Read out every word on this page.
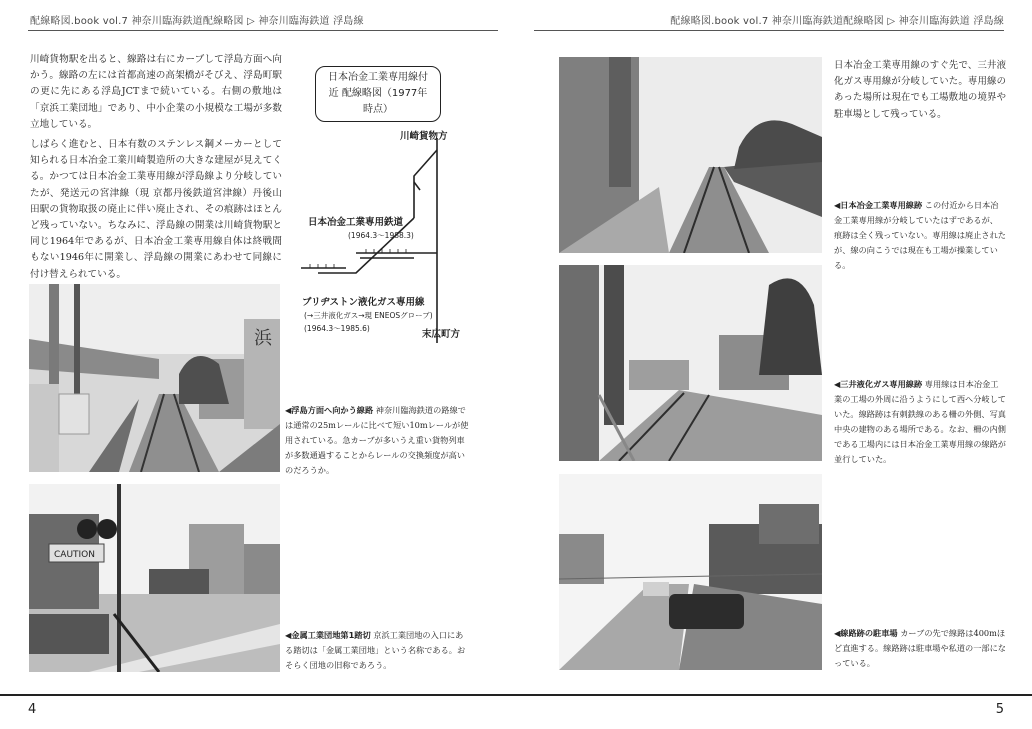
配線略図.book vol.7 神奈川臨海鉄道配線略図 ▷ 神奈川臨海鉄道 浮島線	配線略図.book vol.7 神奈川臨海鉄道配線略図 ▷ 神奈川臨海鉄道 浮島線

川崎貨物駅を出ると、線路は右にカーブして浮島方面へ向かう。線路の左には首都高速の高架橋がそびえ、浮島町駅の更に先にある浮島JCTまで続いている。右側の敷地は「京浜工業団地」であり、中小企業の小規模な工場が多数立地している。

しばらく進むと、日本有数のステンレス鋼メーカーとして知られる日本冶金工業川崎製造所の大きな建屋が見えてくる。かつては日本冶金工業専用線が浮島線より分岐していたが、発送元の宮津線（現 京都丹後鉄道宮津線）丹後山田駅の貨物取扱の廃止に伴い廃止され、その痕跡はほとんど残っていない。ちなみに、浮島線の開業は川崎貨物駅と同じ1964年であるが、日本冶金工業専用線自体は終戦間もない1946年に開業し、浮島線の開業にあわせて同線に付け替えられている。

日本冶金工業専用線付近 配線略図（1977年時点）
川崎貨物方
日本冶金工業専用鉄道
(1964.3～1988.3)
ブリヂストン液化ガス専用線
(→三井液化ガス→現 ENEOSグローブ)
(1964.3～1985.6)
末広町方
浜
◀浮島方面へ向かう線路 神奈川臨海鉄道の路線では通常の25mレールに比べて短い10mレールが使用されている。急カーブが多いうえ重い貨物列車が多数通過することからレールの交換頻度が高いのだろうか。
CAUTION
◀金属工業団地第1踏切 京浜工業団地の入口にある踏切は「金属工業団地」という名称である。おそらく団地の旧称であろう。
日本冶金工業専用線のすぐ先で、三井液化ガス専用線が分岐していた。専用線のあった場所は現在でも工場敷地の境界や駐車場として残っている。
◀日本冶金工業専用線跡 この付近から日本冶金工業専用線が分岐していたはずであるが、痕跡は全く残っていない。専用線は廃止されたが、線の向こうでは現在も工場が操業している。
◀三井液化ガス専用線跡 専用線は日本冶金工業の工場の外周に沿うようにして西へ分岐していた。線路跡は有刺鉄線のある柵の外側、写真中央の建物のある場所である。なお、柵の内側である工場内には日本冶金工業専用線の線路が並行していた。
◀線路跡の駐車場 カーブの先で線路は400mほど直進する。線路跡は駐車場や私道の一部になっている。
4	5
